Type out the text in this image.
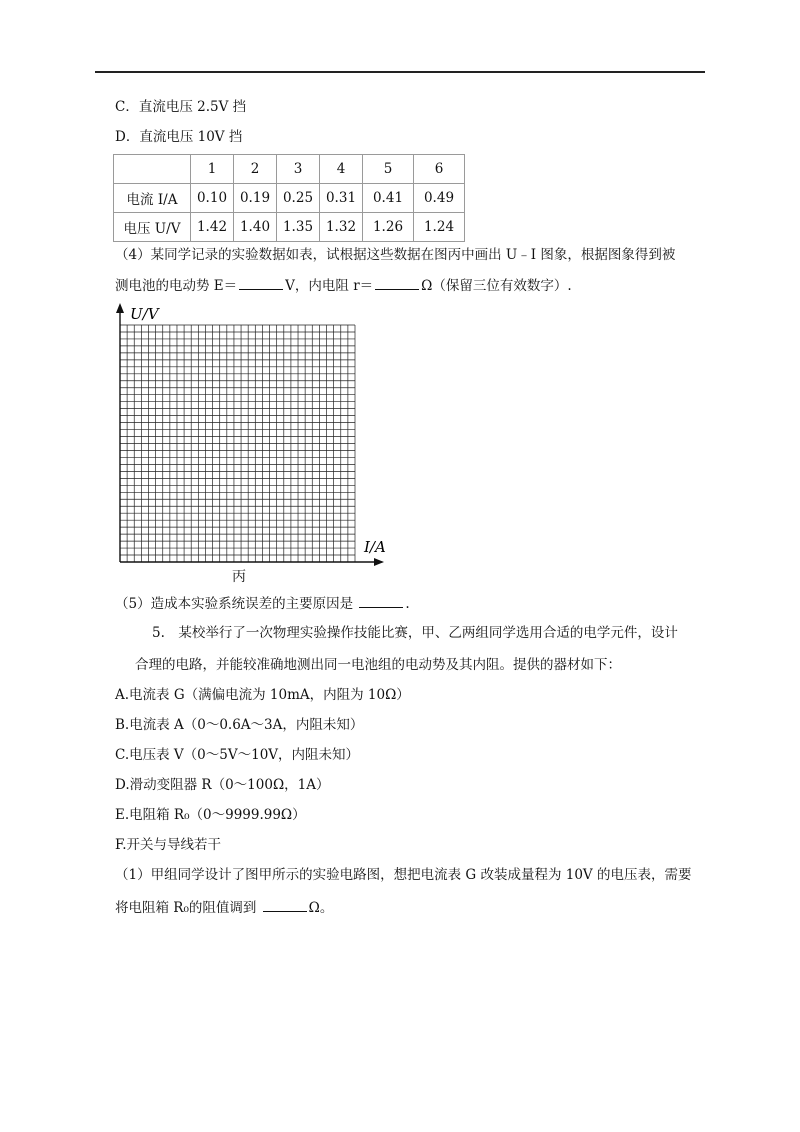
C．直流电压 2.5V 挡
D．直流电压 10V 挡
	1	2	3	4	5	6
电流 I/A	0.10	0.19	0.25	0.31	0.41	0.49
电压 U/V	1.42	1.40	1.35	1.32	1.26	1.24
（4）某同学记录的实验数据如表，试根据这些数据在图丙中画出 U﹣I 图象，根据图象得到被
测电池的电动势 E＝	V，内电阻 r＝	Ω（保留三位有效数字）.
U/V
I/A
丙
（5）造成本实验系统误差的主要原因是	.
5.　某校举行了一次物理实验操作技能比赛，甲、乙两组同学选用合适的电学元件，设计
合理的电路，并能较准确地测出同一电池组的电动势及其内阻。提供的器材如下：
A.电流表 G（满偏电流为 10mA，内阻为 10Ω）
B.电流表 A（0～0.6A～3A，内阻未知）
C.电压表 V（0～5V～10V，内阻未知）
D.滑动变阻器 R（0～100Ω，1A）
E.电阻箱 R₀（0～9999.99Ω）
F.开关与导线若干
（1）甲组同学设计了图甲所示的实验电路图，想把电流表 G 改装成量程为 10V 的电压表，需要
将电阻箱 R₀的阻值调到	Ω。
